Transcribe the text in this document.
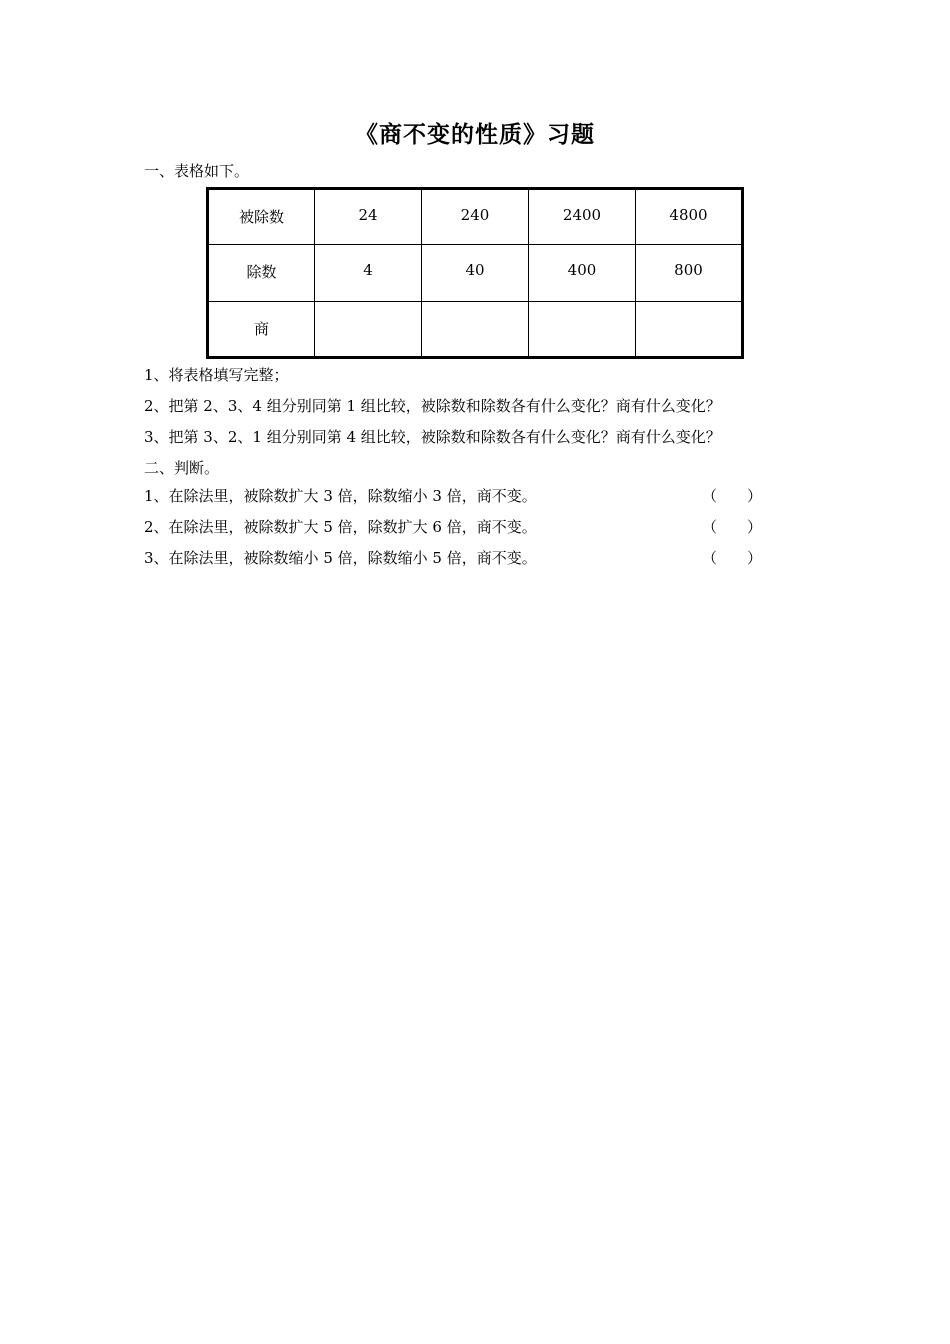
《商不变的性质》习题
一、表格如下。
被除数	24	240	2400	4800
除数	4	40	400	800
商				
1、将表格填写完整；
2、把第 2、3、4 组分别同第 1 组比较，被除数和除数各有什么变化？商有什么变化？
3、把第 3、2、1 组分别同第 4 组比较，被除数和除数各有什么变化？商有什么变化？
二、判断。
1、在除法里，被除数扩大 3 倍，除数缩小 3 倍，商不变。	（　　）
2、在除法里，被除数扩大 5 倍，除数扩大 6 倍，商不变。	（　　）
3、在除法里，被除数缩小 5 倍，除数缩小 5 倍，商不变。	（　　）
